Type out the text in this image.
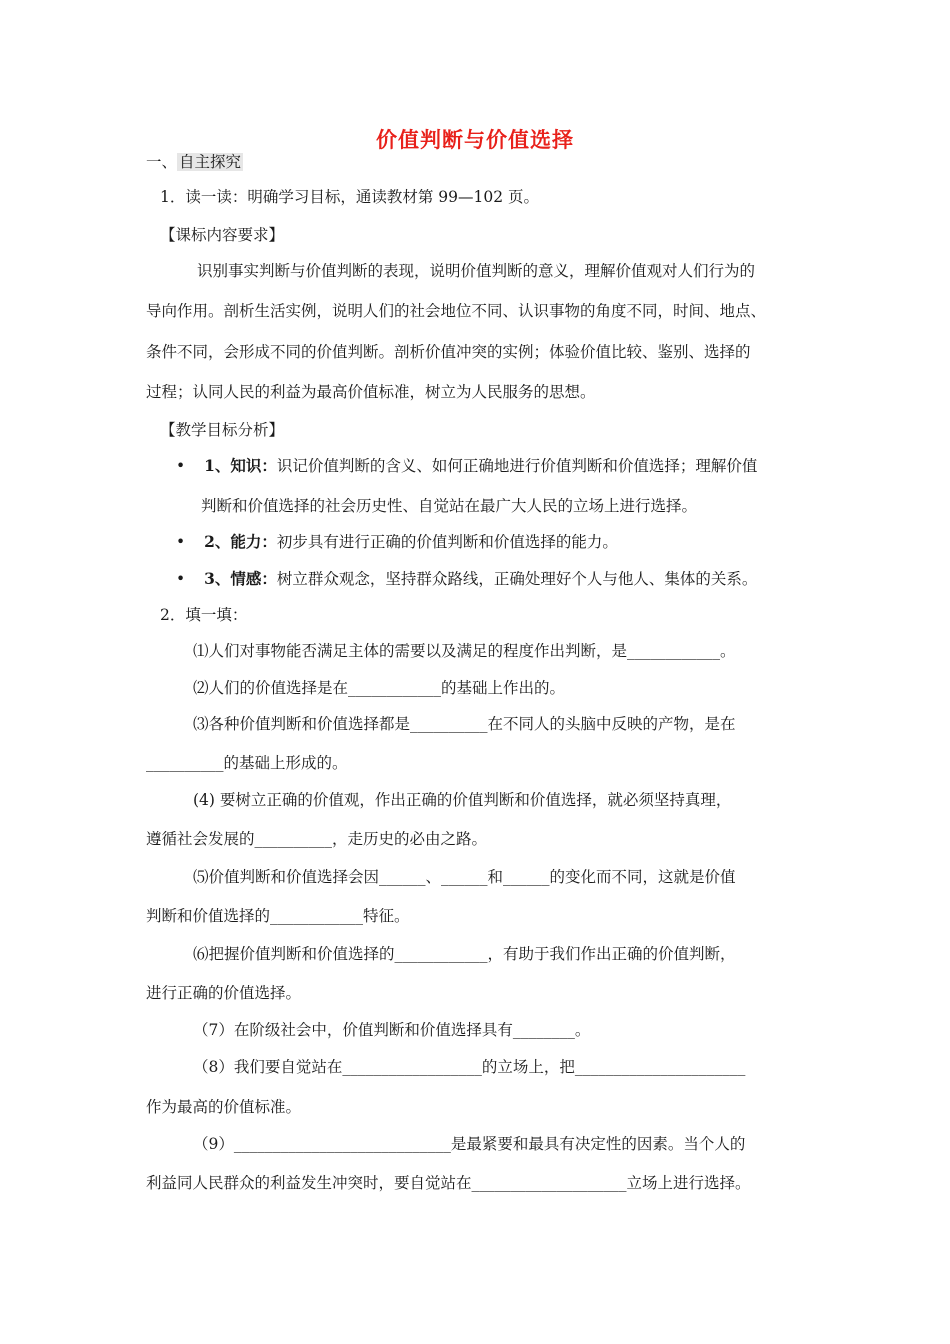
价值判断与价值选择
一、 自主探究
1．读一读：明确学习目标，通读教材第 99—102 页。
【课标内容要求】
识别事实判断与价值判断的表现，说明价值判断的意义，理解价值观对人们行为的
导向作用。剖析生活实例，说明人们的社会地位不同、认识事物的角度不同，时间、地点、
条件不同，会形成不同的价值判断。剖析价值冲突的实例；体验价值比较、鉴别、选择的
过程；认同人民的利益为最高价值标准，树立为人民服务的思想。
【教学目标分析】
• 1、知识：识记价值判断的含义、如何正确地进行价值判断和价值选择；理解价值
判断和价值选择的社会历史性、自觉站在最广大人民的立场上进行选择。
• 2、能力：初步具有进行正确的价值判断和价值选择的能力。
• 3、情感：树立群众观念，坚持群众路线，正确处理好个人与他人、集体的关系。
2．填一填：
⑴人们对事物能否满足主体的需要以及满足的程度作出判断，是____________。
⑵人们的价值选择是在____________的基础上作出的。
⑶各种价值判断和价值选择都是__________在不同人的头脑中反映的产物，是在
__________的基础上形成的。
(4) 要树立正确的价值观，作出正确的价值判断和价值选择，就必须坚持真理，
遵循社会发展的__________，走历史的必由之路。
⑸价值判断和价值选择会因______、______和______的变化而不同，这就是价值
判断和价值选择的____________特征。
⑹把握价值判断和价值选择的____________，有助于我们作出正确的价值判断，
进行正确的价值选择。
（7）在阶级社会中，价值判断和价值选择具有________。
（8）我们要自觉站在__________________的立场上，把______________________
作为最高的价值标准。
（9）____________________________是最紧要和最具有决定性的因素。当个人的
利益同人民群众的利益发生冲突时，要自觉站在____________________立场上进行选择。
